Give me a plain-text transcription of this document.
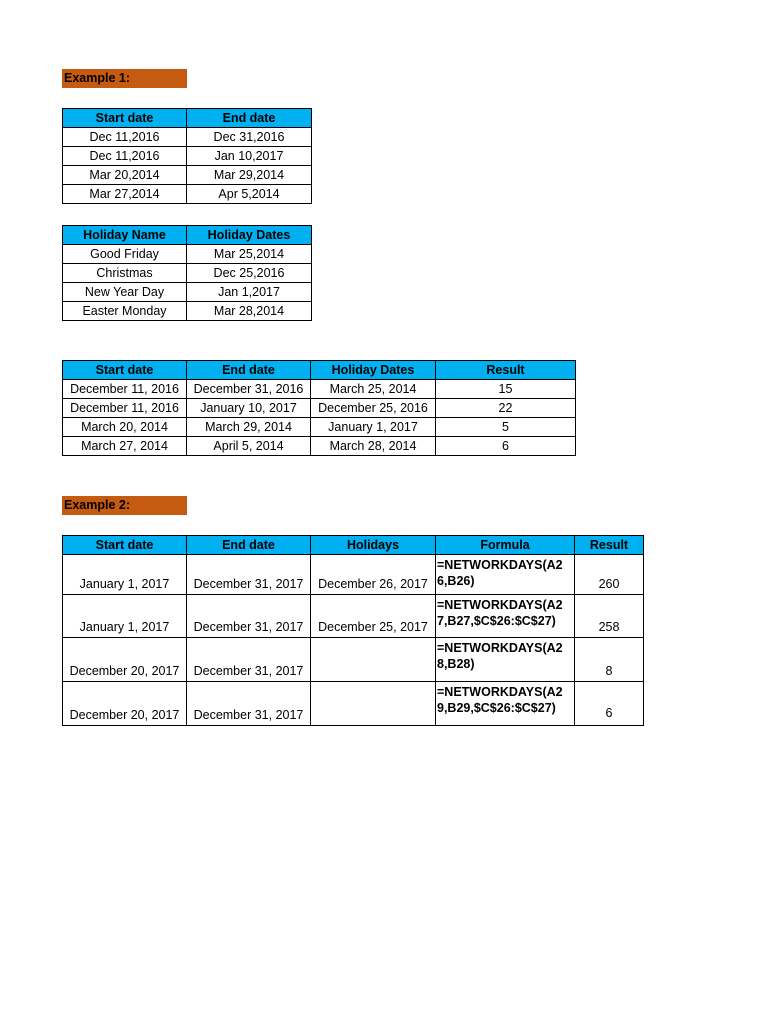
Example 1:
Start date	End date
Dec 11,2016	Dec 31,2016
Dec 11,2016	Jan 10,2017
Mar 20,2014	Mar 29,2014
Mar 27,2014	Apr 5,2014
Holiday Name	Holiday Dates
Good Friday	Mar 25,2014
Christmas	Dec 25,2016
New Year Day	Jan 1,2017
Easter Monday	Mar 28,2014
Start date	End date	Holiday Dates	Result
December 11, 2016	December 31, 2016	March 25, 2014	15
December 11, 2016	January 10, 2017	December 25, 2016	22
March 20, 2014	March 29, 2014	January 1, 2017	5
March 27, 2014	April 5, 2014	March 28, 2014	6
Example 2:
Start date	End date	Holidays	Formula	Result
January 1, 2017	December 31, 2017	December 26, 2017	=NETWORKDAYS(A26,B26)	260
January 1, 2017	December 31, 2017	December 25, 2017	=NETWORKDAYS(A27,B27,$C$26:$C$27)	258
December 20, 2017	December 31, 2017		=NETWORKDAYS(A28,B28)	8
December 20, 2017	December 31, 2017		=NETWORKDAYS(A29,B29,$C$26:$C$27)	6
